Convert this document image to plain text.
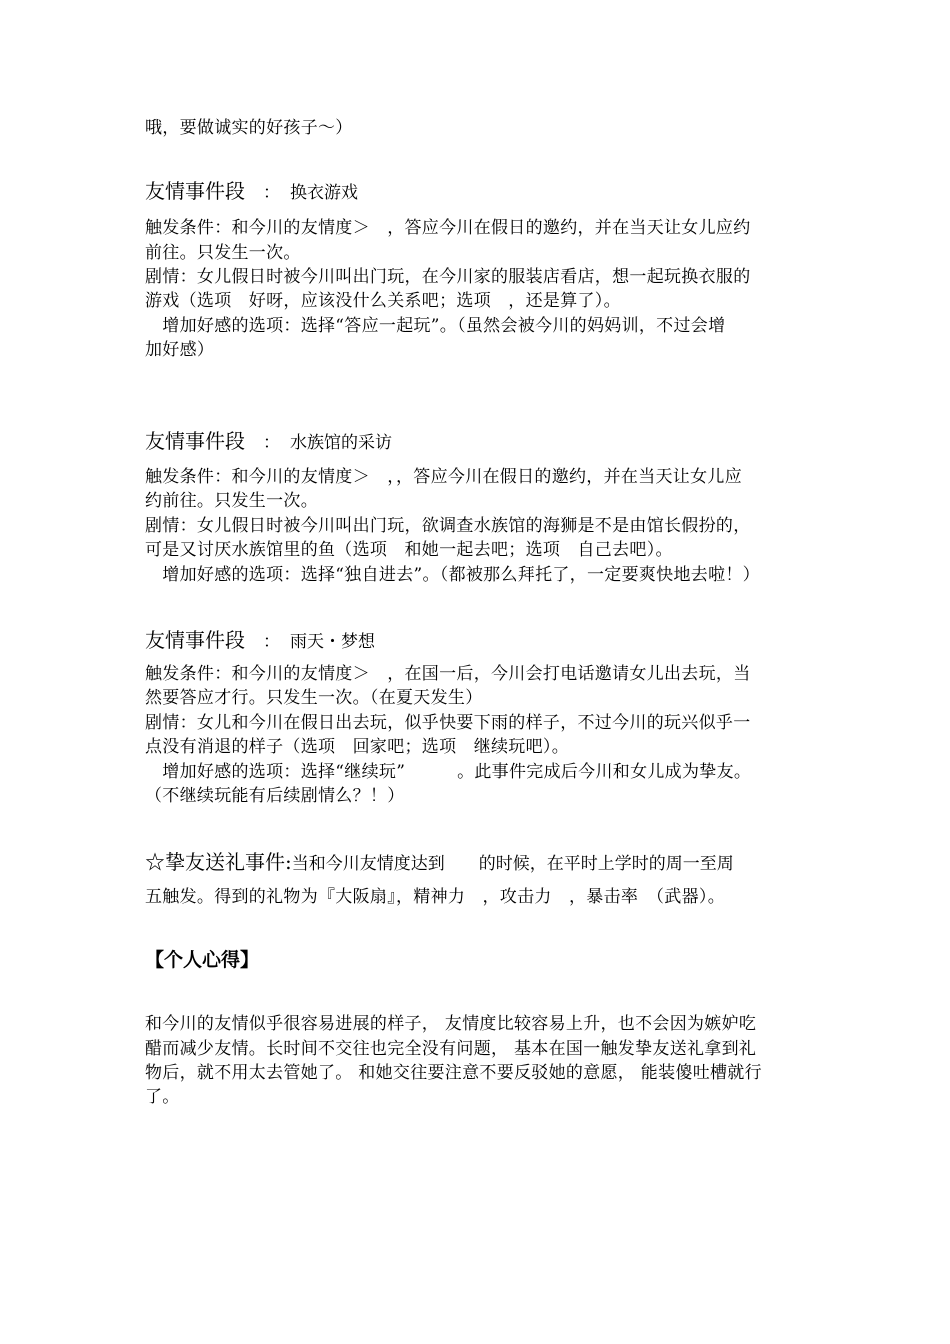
哦，要做诚实的好孩子～）
友情事件段 ： 换衣游戏
触发条件：和今川的友情度＞　，答应今川在假日的邀约，并在当天让女儿应约
前往。只发生一次。
剧情：女儿假日时被今川叫出门玩，在今川家的服装店看店，想一起玩换衣服的
游戏（选项　好呀，应该没什么关系吧；选项　，还是算了）。
　增加好感的选项：选择“答应一起玩”。（虽然会被今川的妈妈训，不过会增
加好感）
友情事件段 ： 水族馆的采访
触发条件：和今川的友情度＞　，，答应今川在假日的邀约，并在当天让女儿应
约前往。只发生一次。
剧情：女儿假日时被今川叫出门玩，欲调查水族馆的海狮是不是由馆长假扮的，
可是又讨厌水族馆里的鱼（选项　和她一起去吧；选项　自己去吧）。
　增加好感的选项：选择“独自进去”。（都被那么拜托了，一定要爽快地去啦！）
友情事件段 ： 雨天・梦想
触发条件：和今川的友情度＞　，在国一后，今川会打电话邀请女儿出去玩，当
然要答应才行。只发生一次。（在夏天发生）
剧情：女儿和今川在假日出去玩，似乎快要下雨的样子，不过今川的玩兴似乎一
点没有消退的样子（选项　回家吧；选项　继续玩吧）。
　增加好感的选项：选择“继续玩”　　　。此事件完成后今川和女儿成为挚友。
（不继续玩能有后续剧情么？！）
☆挚友送礼事件:当和今川友情度达到　　的时候，在平时上学时的周一至周
五触发。得到的礼物为『大阪扇』，精神力　，攻击力　，暴击率　（武器）。
【个人心得】
和今川的友情似乎很容易进展的样子， 友情度比较容易上升，也不会因为嫉妒吃
醋而减少友情。长时间不交往也完全没有问题， 基本在国一触发挚友送礼拿到礼
物后，就不用太去管她了。 和她交往要注意不要反驳她的意愿， 能装傻吐槽就行
了。
